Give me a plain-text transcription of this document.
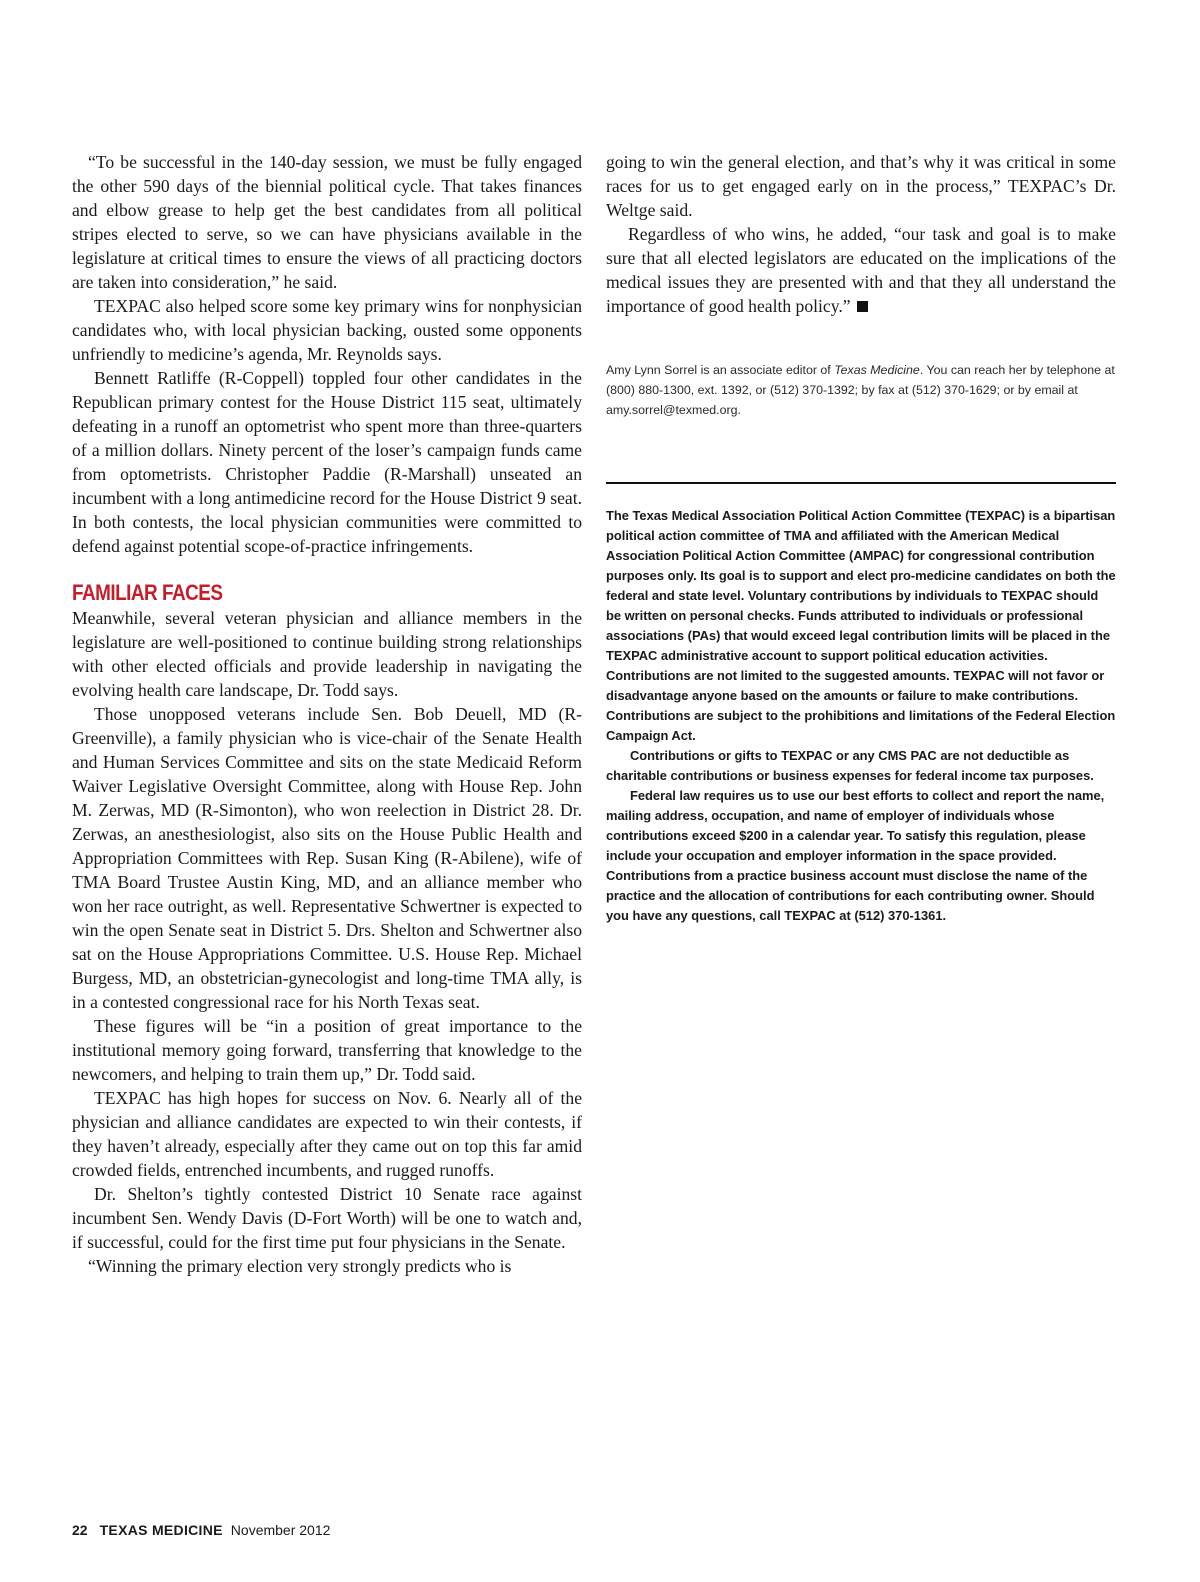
“To be successful in the 140-day session, we must be fully engaged the other 590 days of the biennial political cycle. That takes finances and elbow grease to help get the best candidates from all political stripes elected to serve, so we can have physicians available in the legislature at critical times to ensure the views of all practicing doctors are taken into consideration,” he said.

TEXPAC also helped score some key primary wins for nonphysician candidates who, with local physician backing, ousted some opponents unfriendly to medicine’s agenda, Mr. Reynolds says.

Bennett Ratliffe (R-Coppell) toppled four other candidates in the Republican primary contest for the House District 115 seat, ultimately defeating in a runoff an optometrist who spent more than three-quarters of a million dollars. Ninety percent of the loser’s campaign funds came from optometrists. Christopher Paddie (R-Marshall) unseated an incumbent with a long antimedicine record for the House District 9 seat. In both contests, the local physician communities were committed to defend against potential scope-of-practice infringements.

FAMILIAR FACES

Meanwhile, several veteran physician and alliance members in the legislature are well-positioned to continue building strong relationships with other elected officials and provide leadership in navigating the evolving health care landscape, Dr. Todd says.

Those unopposed veterans include Sen. Bob Deuell, MD (R-Greenville), a family physician who is vice-chair of the Senate Health and Human Services Committee and sits on the state Medicaid Reform Waiver Legislative Oversight Committee, along with House Rep. John M. Zerwas, MD (R-Simonton), who won reelection in District 28. Dr. Zerwas, an anesthesiologist, also sits on the House Public Health and Appropriation Committees with Rep. Susan King (R-Abilene), wife of TMA Board Trustee Austin King, MD, and an alliance member who won her race outright, as well. Representative Schwertner is expected to win the open Senate seat in District 5. Drs. Shelton and Schwertner also sat on the House Appropriations Committee. U.S. House Rep. Michael Burgess, MD, an obstetrician-gynecologist and long-time TMA ally, is in a contested congressional race for his North Texas seat.

These figures will be “in a position of great importance to the institutional memory going forward, transferring that knowledge to the newcomers, and helping to train them up,” Dr. Todd said.

TEXPAC has high hopes for success on Nov. 6. Nearly all of the physician and alliance candidates are expected to win their contests, if they haven’t already, especially after they came out on top this far amid crowded fields, entrenched incumbents, and rugged runoffs.

Dr. Shelton’s tightly contested District 10 Senate race against incumbent Sen. Wendy Davis (D-Fort Worth) will be one to watch and, if successful, could for the first time put four physicians in the Senate.

“Winning the primary election very strongly predicts who is

going to win the general election, and that’s why it was critical in some races for us to get engaged early on in the process,” TEXPAC’s Dr. Weltge said.

Regardless of who wins, he added, “our task and goal is to make sure that all elected legislators are educated on the implications of the medical issues they are presented with and that they all understand the importance of good health policy.”

Amy Lynn Sorrel is an associate editor of Texas Medicine. You can reach her by telephone at (800) 880-1300, ext. 1392, or (512) 370-1392; by fax at (512) 370-1629; or by email at amy.sorrel@texmed.org.

The Texas Medical Association Political Action Committee (TEXPAC) is a bipartisan political action committee of TMA and affiliated with the American Medical Association Political Action Committee (AMPAC) for congressional contribution purposes only. Its goal is to support and elect pro-medicine candidates on both the federal and state level. Voluntary contributions by individuals to TEXPAC should be written on personal checks. Funds attributed to individuals or professional associations (PAs) that would exceed legal contribution limits will be placed in the TEXPAC administrative account to support political education activities. Contributions are not limited to the suggested amounts. TEXPAC will not favor or disadvantage anyone based on the amounts or failure to make contributions. Contributions are subject to the prohibitions and limitations of the Federal Election Campaign Act.

Contributions or gifts to TEXPAC or any CMS PAC are not deductible as charitable contributions or business expenses for federal income tax purposes.

Federal law requires us to use our best efforts to collect and report the name, mailing address, occupation, and name of employer of individuals whose contributions exceed $200 in a calendar year. To satisfy this regulation, please include your occupation and employer information in the space provided. Contributions from a practice business account must disclose the name of the practice and the allocation of contributions for each contributing owner. Should you have any questions, call TEXPAC at (512) 370-1361.

22 TEXAS MEDICINE November 2012
